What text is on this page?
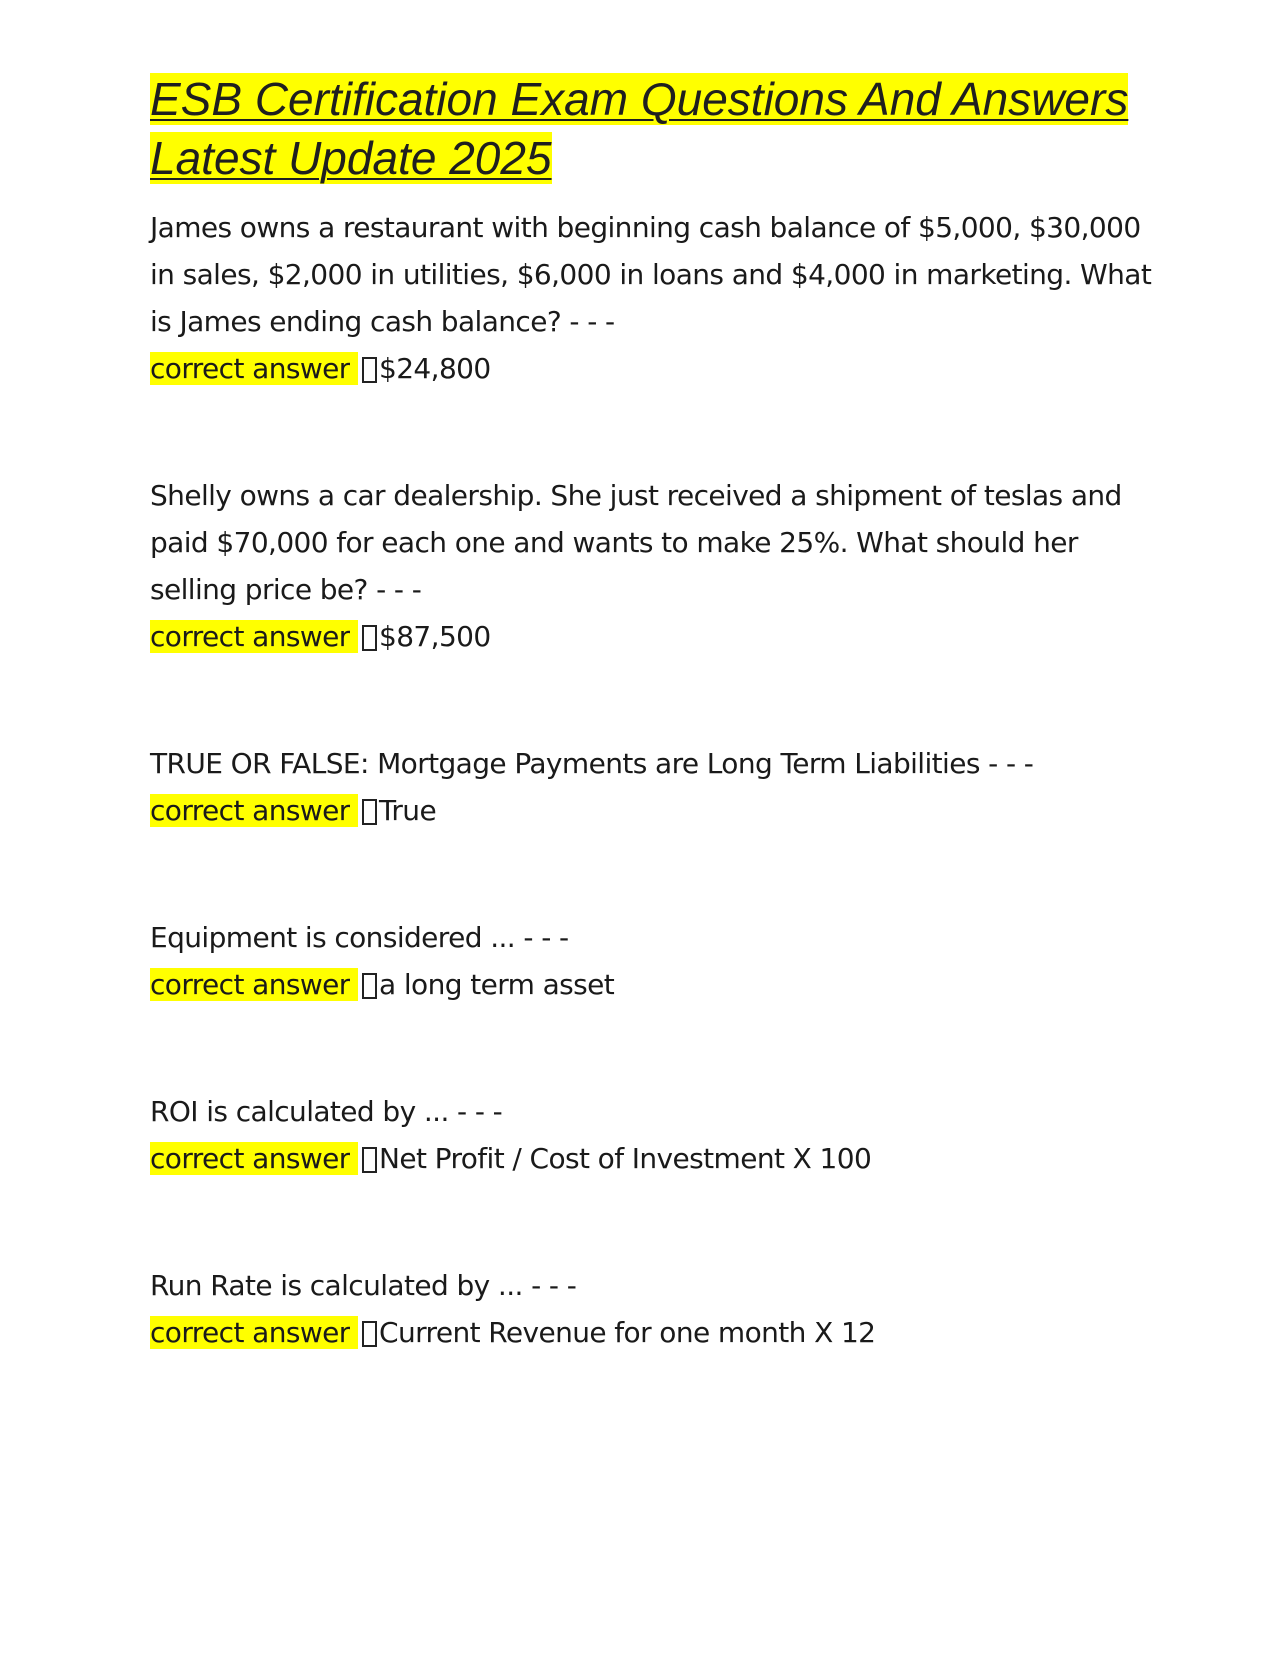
ESB Certification Exam Questions And Answers Latest Update 2025

James owns a restaurant with beginning cash balance of $5,000, $30,000 in sales, $2,000 in utilities, $6,000 in loans and $4,000 in marketing. What is James ending cash balance? - - -

correct answer $24,800

Shelly owns a car dealership. She just received a shipment of teslas and paid $70,000 for each one and wants to make 25%. What should her selling price be? - - -

correct answer $87,500

TRUE OR FALSE: Mortgage Payments are Long Term Liabilities - - -

correct answer True

Equipment is considered ... - - -

correct answer a long term asset

ROI is calculated by ... - - -

correct answer Net Profit / Cost of Investment X 100

Run Rate is calculated by ... - - -

correct answer Current Revenue for one month X 12
